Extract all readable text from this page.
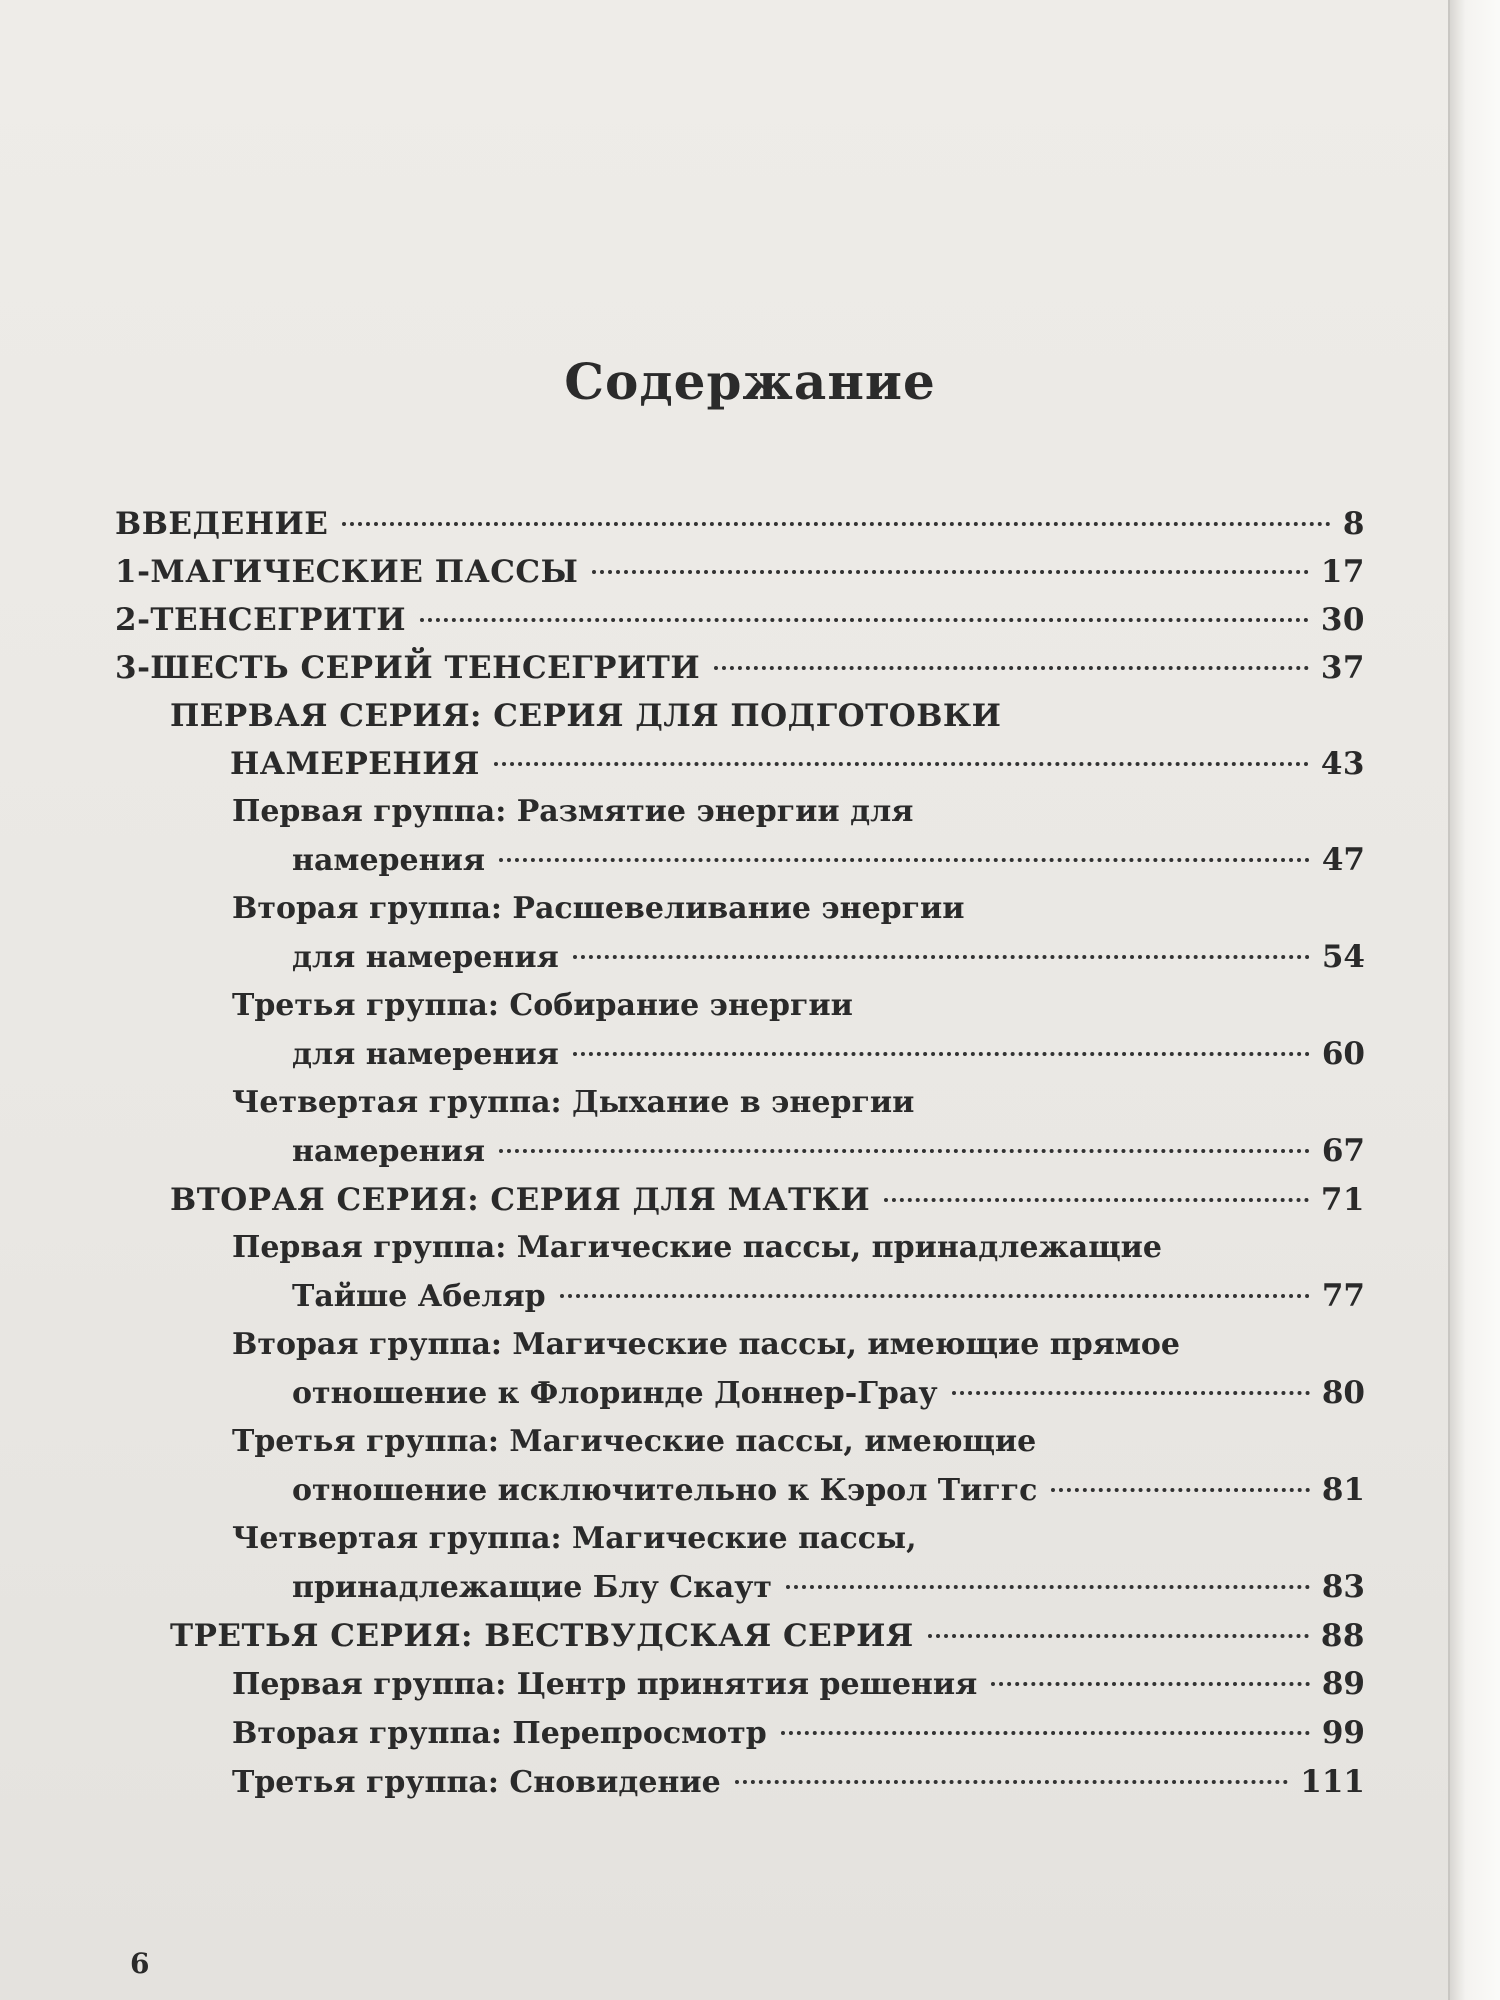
Содержание
ВВЕДЕНИЕ	8
1-МАГИЧЕСКИЕ ПАССЫ	17
2-ТЕНСЕГРИТИ	30
3-ШЕСТЬ СЕРИЙ ТЕНСЕГРИТИ	37
ПЕРВАЯ СЕРИЯ: СЕРИЯ ДЛЯ ПОДГОТОВКИ
НАМЕРЕНИЯ	43
Первая группа: Размятие энергии для
намерения	47
Вторая группа: Расшевеливание энергии
для намерения	54
Третья группа: Собирание энергии
для намерения	60
Четвертая группа: Дыхание в энергии
намерения	67
ВТОРАЯ СЕРИЯ: СЕРИЯ ДЛЯ МАТКИ	71
Первая группа: Магические пассы, принадлежащие
Тайше Абеляр	77
Вторая группа: Магические пассы, имеющие прямое
отношение к Флоринде Доннер-Грау	80
Третья группа: Магические пассы, имеющие
отношение исключительно к Кэрол Тиггс	81
Четвертая группа: Магические пассы,
принадлежащие Блу Скаут	83
ТРЕТЬЯ СЕРИЯ: ВЕСТВУДСКАЯ СЕРИЯ	88
Первая группа: Центр принятия решения	89
Вторая группа: Перепросмотр	99
Третья группа: Сновидение	111
6
